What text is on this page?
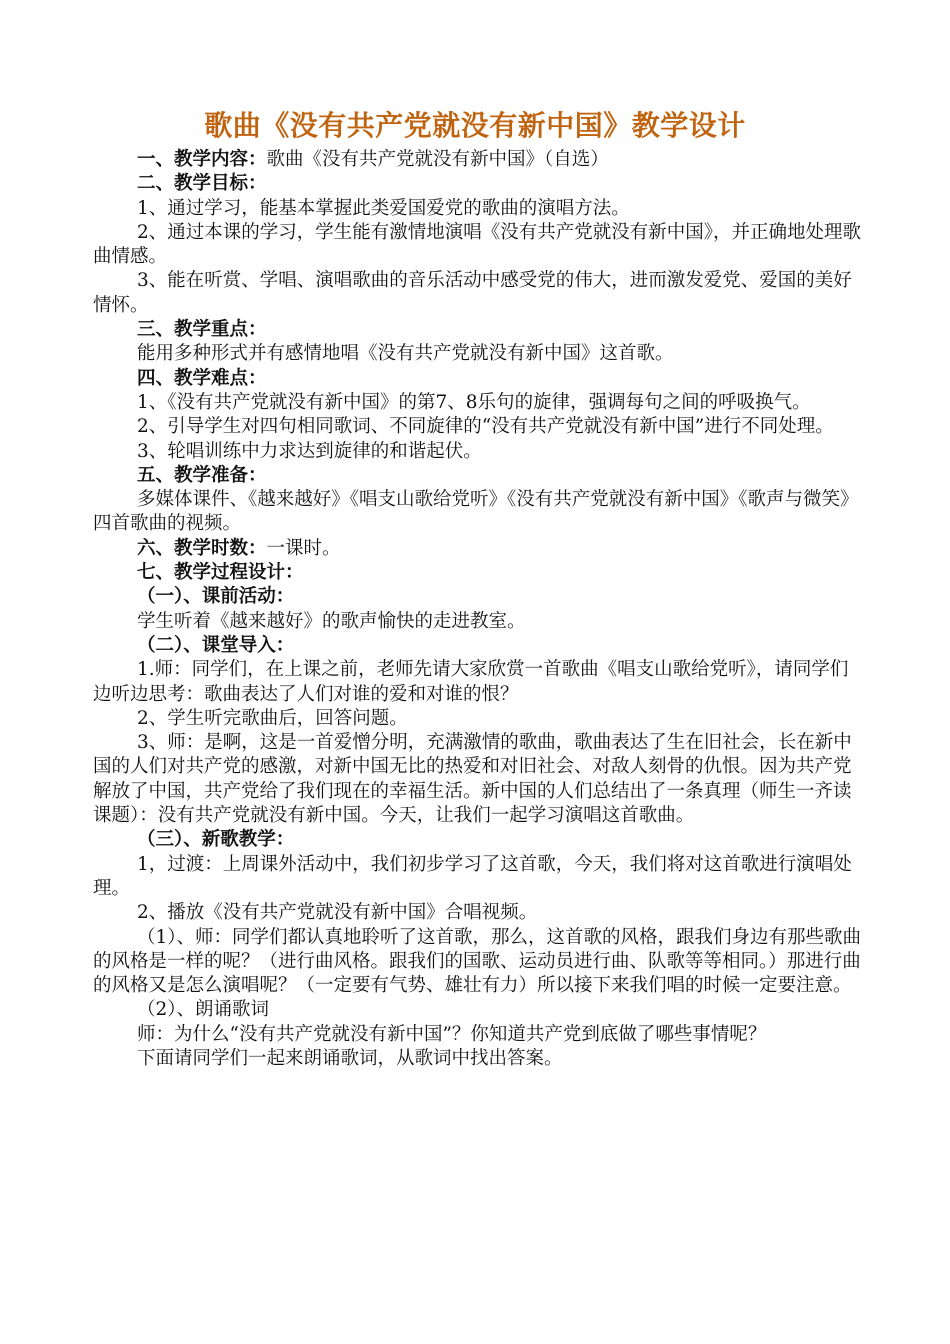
歌曲《没有共产党就没有新中国》教学设计
一、教学内容：歌曲《没有共产党就没有新中国》（自选）
二、教学目标：
1、通过学习，能基本掌握此类爱国爱党的歌曲的演唱方法。
2、通过本课的学习，学生能有激情地演唱《没有共产党就没有新中国》，并正确地处理歌曲情感。
3、能在听赏、学唱、演唱歌曲的音乐活动中感受党的伟大，进而激发爱党、爱国的美好情怀。
三、教学重点：
能用多种形式并有感情地唱《没有共产党就没有新中国》这首歌。
四、教学难点：
1、《没有共产党就没有新中国》的第7、8乐句的旋律，强调每句之间的呼吸换气。
2、引导学生对四句相同歌词、不同旋律的“没有共产党就没有新中国”进行不同处理。
3、轮唱训练中力求达到旋律的和谐起伏。
五、教学准备：
多媒体课件、《越来越好》《唱支山歌给党听》《没有共产党就没有新中国》《歌声与微笑》四首歌曲的视频。
六、教学时数：一课时。
七、教学过程设计：
（一）、课前活动：
学生听着《越来越好》的歌声愉快的走进教室。
（二）、课堂导入：
1.师：同学们，在上课之前，老师先请大家欣赏一首歌曲《唱支山歌给党听》，请同学们边听边思考：歌曲表达了人们对谁的爱和对谁的恨？
2、学生听完歌曲后，回答问题。
3、师：是啊，这是一首爱憎分明，充满激情的歌曲，歌曲表达了生在旧社会，长在新中国的人们对共产党的感激，对新中国无比的热爱和对旧社会、对敌人刻骨的仇恨。因为共产党解放了中国，共产党给了我们现在的幸福生活。新中国的人们总结出了一条真理（师生一齐读课题）：没有共产党就没有新中国。今天，让我们一起学习演唱这首歌曲。
（三）、新歌教学：
1，过渡：上周课外活动中，我们初步学习了这首歌，今天，我们将对这首歌进行演唱处理。
2、播放《没有共产党就没有新中国》合唱视频。
（1）、师：同学们都认真地聆听了这首歌，那么，这首歌的风格，跟我们身边有那些歌曲的风格是一样的呢？（进行曲风格。跟我们的国歌、运动员进行曲、队歌等等相同。）那进行曲的风格又是怎么演唱呢？（一定要有气势、雄壮有力）所以接下来我们唱的时候一定要注意。
（2）、朗诵歌词
师：为什么“没有共产党就没有新中国”？你知道共产党到底做了哪些事情呢？
下面请同学们一起来朗诵歌词，从歌词中找出答案。
